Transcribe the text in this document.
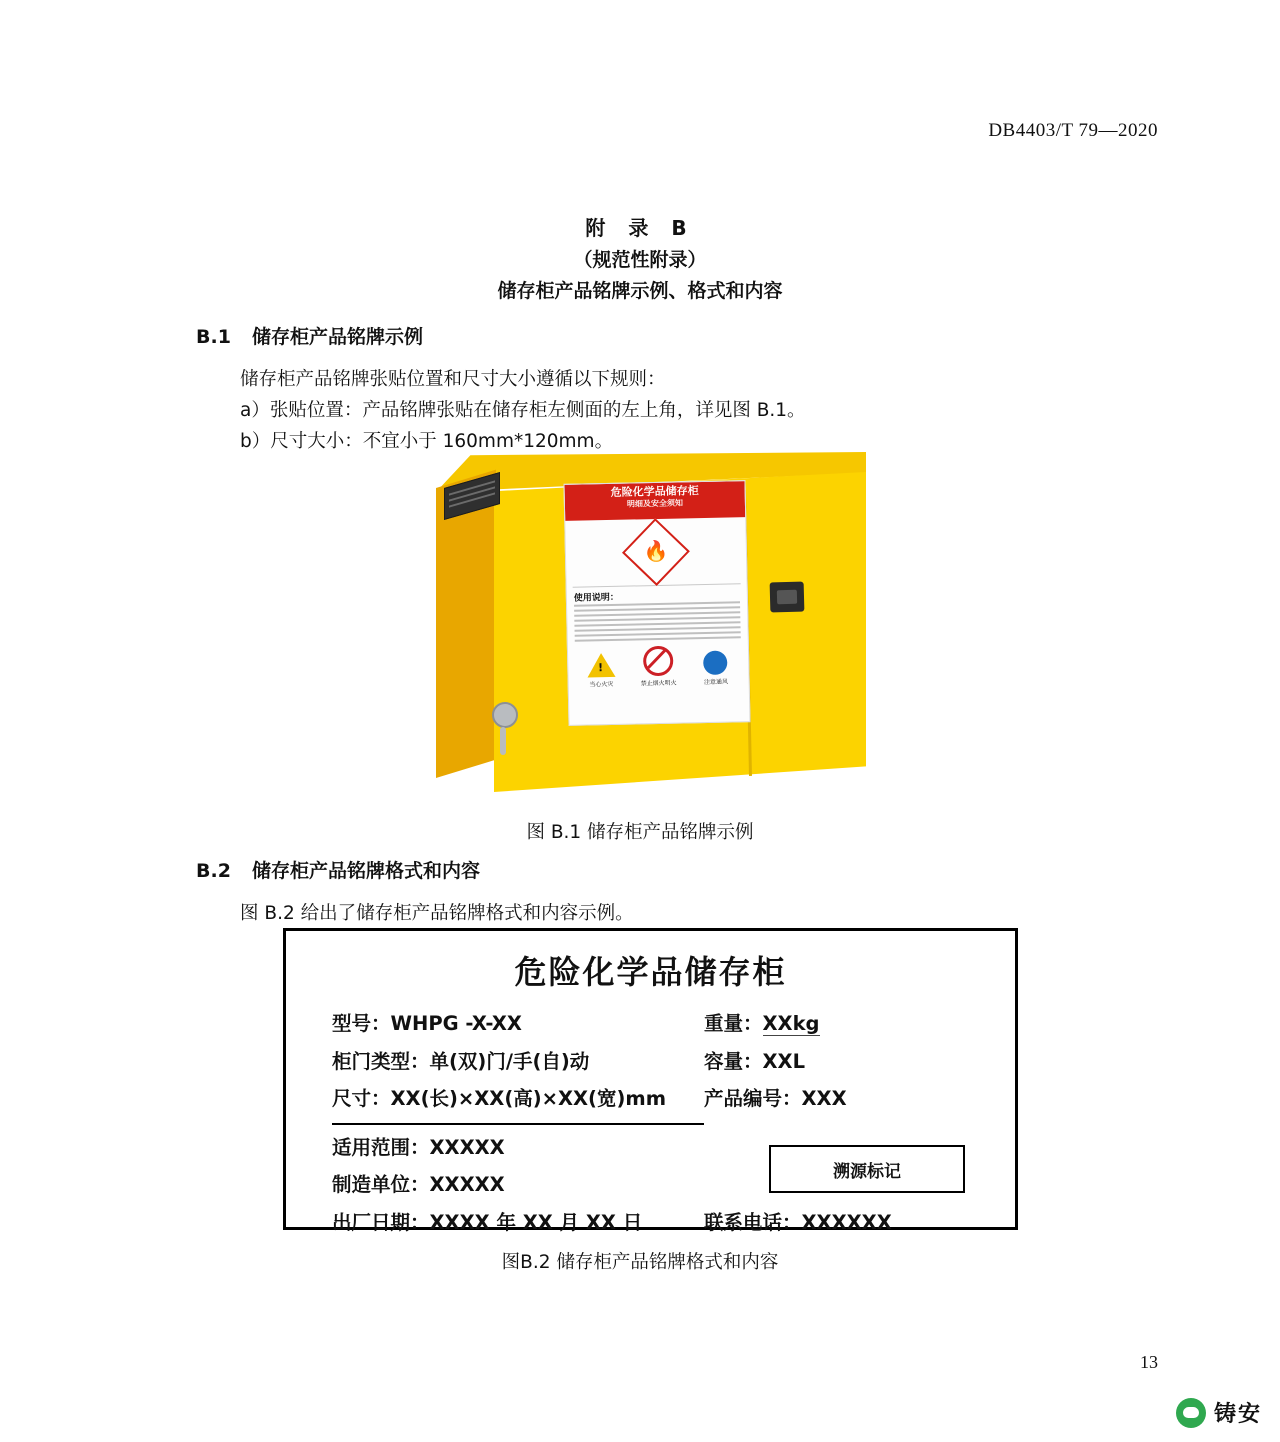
DB4403/T 79—2020
附 录 B
（规范性附录）
储存柜产品铭牌示例、格式和内容
B.1 储存柜产品铭牌示例
储存柜产品铭牌张贴位置和尺寸大小遵循以下规则：
a）张贴位置：产品铭牌张贴在储存柜左侧面的左上角，详见图 B.1。
b）尺寸大小：不宜小于 160mm*120mm。
危险化学品储存柜
明细及安全须知
🔥
使用说明：
!
当心火灾	禁止烟火明火	注意通风
图 B.1 储存柜产品铭牌示例
B.2 储存柜产品铭牌格式和内容
图 B.2 给出了储存柜产品铭牌格式和内容示例。
危险化学品储存柜
型号：WHPG -X-XX	重量：XXkg
柜门类型：单(双)门/手(自)动	容量：XXL
尺寸：XX(长)×XX(高)×XX(宽)mm	产品编号：XXX
适用范围：XXXXX
制造单位：XXXXX
出厂日期：XXXX 年 XX 月 XX 日	联系电话：XXXXXX
溯源标记
图B.2 储存柜产品铭牌格式和内容
13
铸安
